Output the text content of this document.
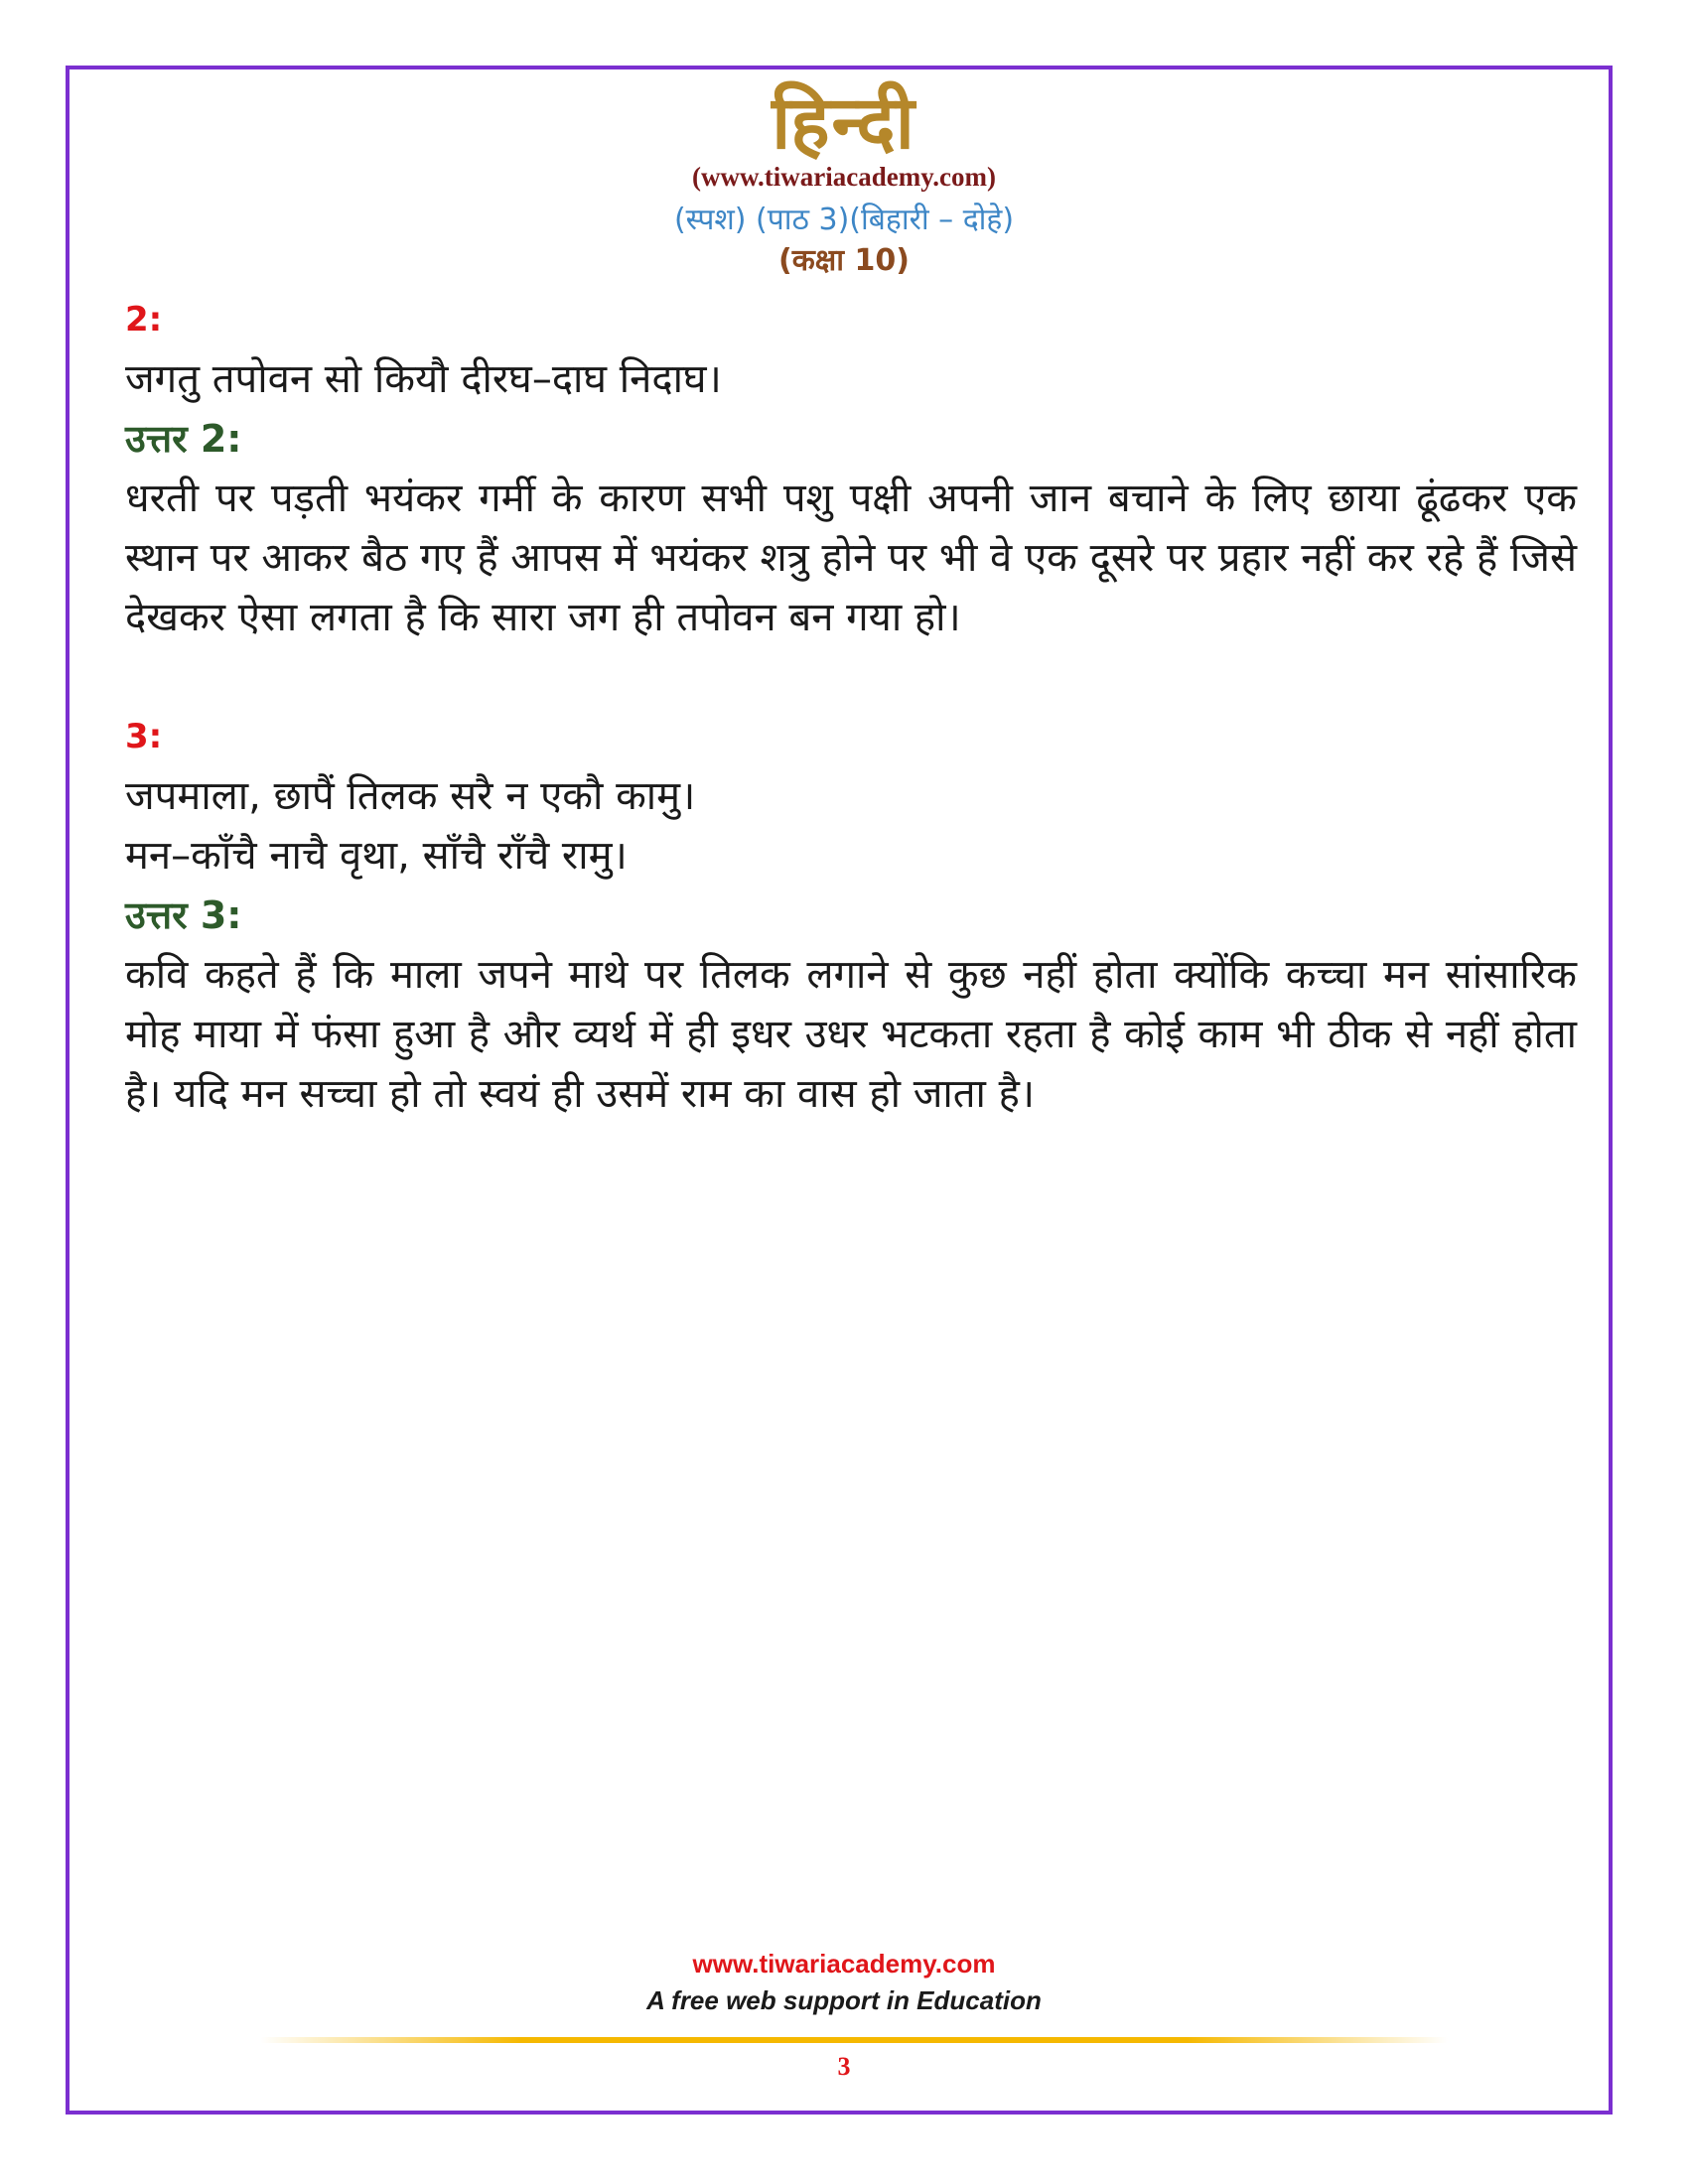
हिन्दी
(www.tiwariacademy.com)
(स्पश) (पाठ 3)(बिहारी – दोहे)
(कक्षा 10)
2:
जगतु तपोवन सो कियौ दीरघ–दाघ निदाघ।
उत्तर 2:
धरती पर पड़ती भयंकर गर्मी के कारण सभी पशु पक्षी अपनी जान बचाने के लिए छाया ढूंढकर एक स्थान पर आकर बैठ गए हैं आपस में भयंकर शत्रु होने पर भी वे एक दूसरे पर प्रहार नहीं कर रहे हैं जिसे देखकर ऐसा लगता है कि सारा जग ही तपोवन बन गया हो।
3:
जपमाला, छापैं तिलक सरै न एकौ कामु।
मन–काँचै नाचै वृथा, साँचै राँचै रामु।
उत्तर 3:
कवि कहते हैं कि माला जपने माथे पर तिलक लगाने से कुछ नहीं होता क्योंकि कच्चा मन सांसारिक मोह माया में फंसा हुआ है और व्यर्थ में ही इधर उधर भटकता रहता है कोई काम भी ठीक से नहीं होता है। यदि मन सच्चा हो तो स्वयं ही उसमें राम का वास हो जाता है।
www.tiwariacademy.com
A free web support in Education
3
